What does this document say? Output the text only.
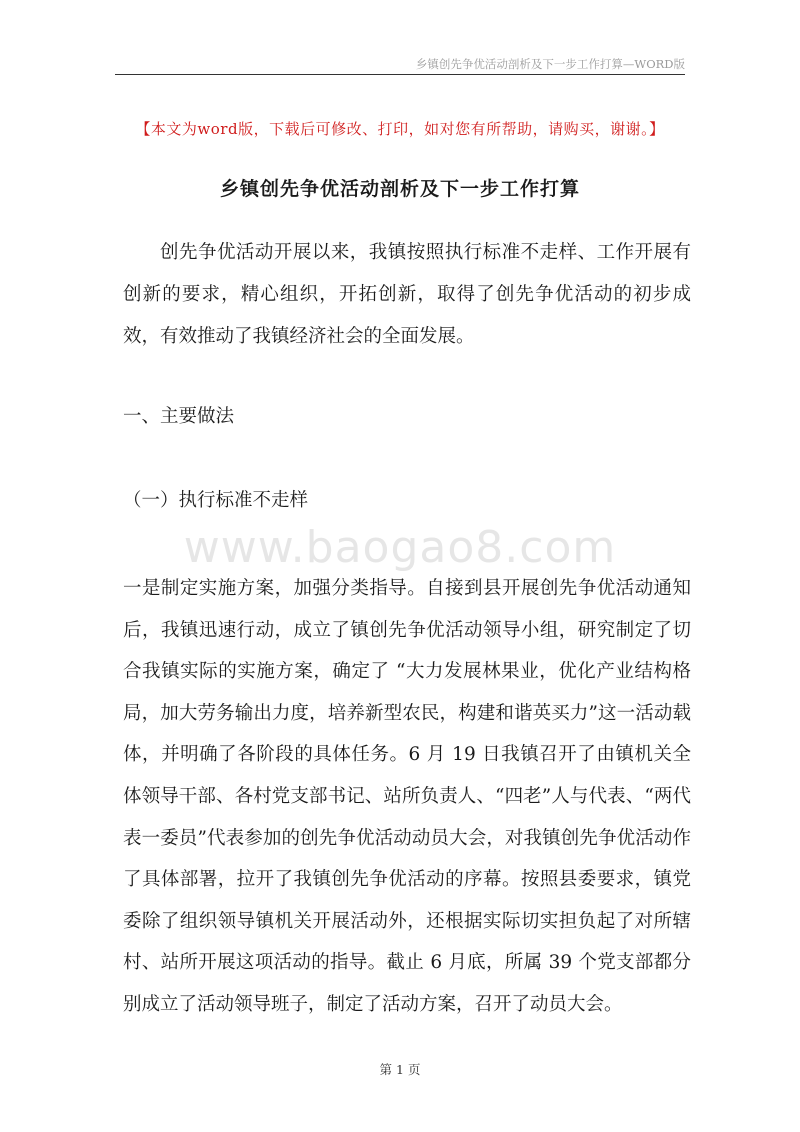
乡镇创先争优活动剖析及下一步工作打算—WORD版
【本文为word版，下载后可修改、打印，如对您有所帮助，请购买，谢谢。】
乡镇创先争优活动剖析及下一步工作打算

创先争优活动开展以来，我镇按照执行标准不走样、工作开展有创新的要求，精心组织，开拓创新，取得了创先争优活动的初步成效，有效推动了我镇经济社会的全面发展。

一、主要做法
（一）执行标准不走样
www.baogao8.com

一是制定实施方案，加强分类指导。自接到县开展创先争优活动通知后，我镇迅速行动，成立了镇创先争优活动领导小组，研究制定了切合我镇实际的实施方案，确定了 “大力发展林果业，优化产业结构格局，加大劳务输出力度，培养新型农民，构建和谐英买力”这一活动载体，并明确了各阶段的具体任务。6 月 19 日我镇召开了由镇机关全体领导干部、各村党支部书记、站所负责人、“四老”人与代表、“两代表一委员”代表参加的创先争优活动动员大会，对我镇创先争优活动作了具体部署，拉开了我镇创先争优活动的序幕。按照县委要求，镇党委除了组织领导镇机关开展活动外，还根据实际切实担负起了对所辖村、站所开展这项活动的指导。截止 6 月底，所属 39 个党支部都分别成立了活动领导班子，制定了活动方案，召开了动员大会。

第 1 页
